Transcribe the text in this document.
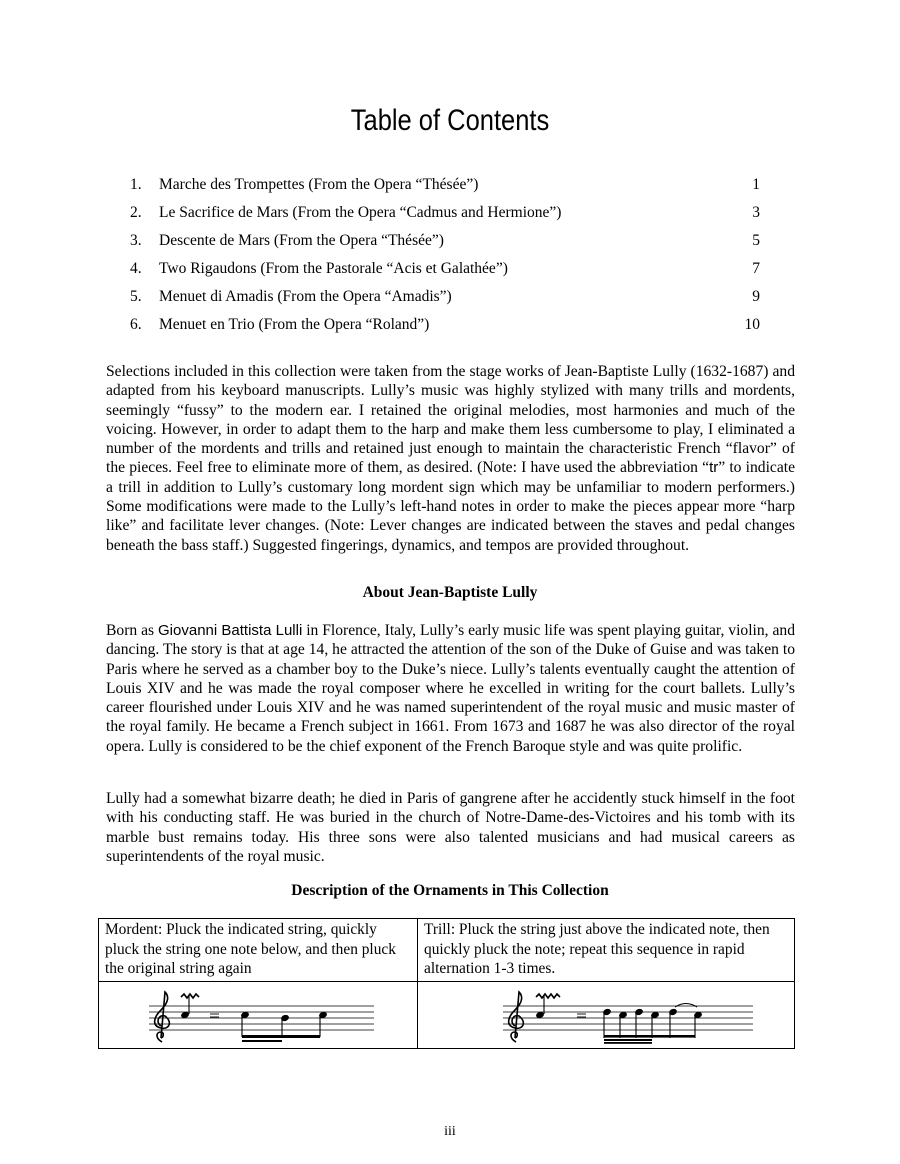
Table of Contents
1.	Marche des Trompettes (From the Opera “Thésée”)	1
2.	Le Sacrifice de Mars (From the Opera “Cadmus and Hermione”)	3
3.	Descente de Mars (From the Opera “Thésée”)	5
4.	Two Rigaudons (From the Pastorale “Acis et Galathée”)	7
5.	Menuet di Amadis (From the Opera “Amadis”)	9
6.	Menuet en Trio (From the Opera “Roland”)	10
Selections included in this collection were taken from the stage works of Jean-Baptiste Lully (1632-1687) and adapted from his keyboard manuscripts. Lully’s music was highly stylized with many trills and mordents, seemingly “fussy” to the modern ear. I retained the original melodies, most harmonies and much of the voicing. However, in order to adapt them to the harp and make them less cumbersome to play, I eliminated a number of the mordents and trills and retained just enough to maintain the characteristic French “flavor” of the pieces. Feel free to eliminate more of them, as desired. (Note: I have used the abbreviation “tr” to indicate a trill in addition to Lully’s customary long mordent sign which may be unfamiliar to modern performers.) Some modifications were made to the Lully’s left-hand notes in order to make the pieces appear more “harp like” and facilitate lever changes. (Note: Lever changes are indicated between the staves and pedal changes beneath the bass staff.) Suggested fingerings, dynamics, and tempos are provided throughout.
About Jean-Baptiste Lully
Born as Giovanni Battista Lulli in Florence, Italy, Lully’s early music life was spent playing guitar, violin, and dancing. The story is that at age 14, he attracted the attention of the son of the Duke of Guise and was taken to Paris where he served as a chamber boy to the Duke’s niece. Lully’s talents eventually caught the attention of Louis XIV and he was made the royal composer where he excelled in writing for the court ballets. Lully’s career flourished under Louis XIV and he was named superintendent of the royal music and music master of the royal family. He became a French subject in 1661. From 1673 and 1687 he was also director of the royal opera. Lully is considered to be the chief exponent of the French Baroque style and was quite prolific.
Lully had a somewhat bizarre death; he died in Paris of gangrene after he accidently stuck himself in the foot with his conducting staff. He was buried in the church of Notre-Dame-des-Victoires and his tomb with its marble bust remains today. His three sons were also talented musicians and had musical careers as superintendents of the royal music.
Description of the Ornaments in This Collection
Mordent: Pluck the indicated string, quickly pluck the string one note below, and then pluck the original string again	Trill: Pluck the string just above the indicated note, then quickly pluck the note; repeat this sequence in rapid alternation 1-3 times.

iii
